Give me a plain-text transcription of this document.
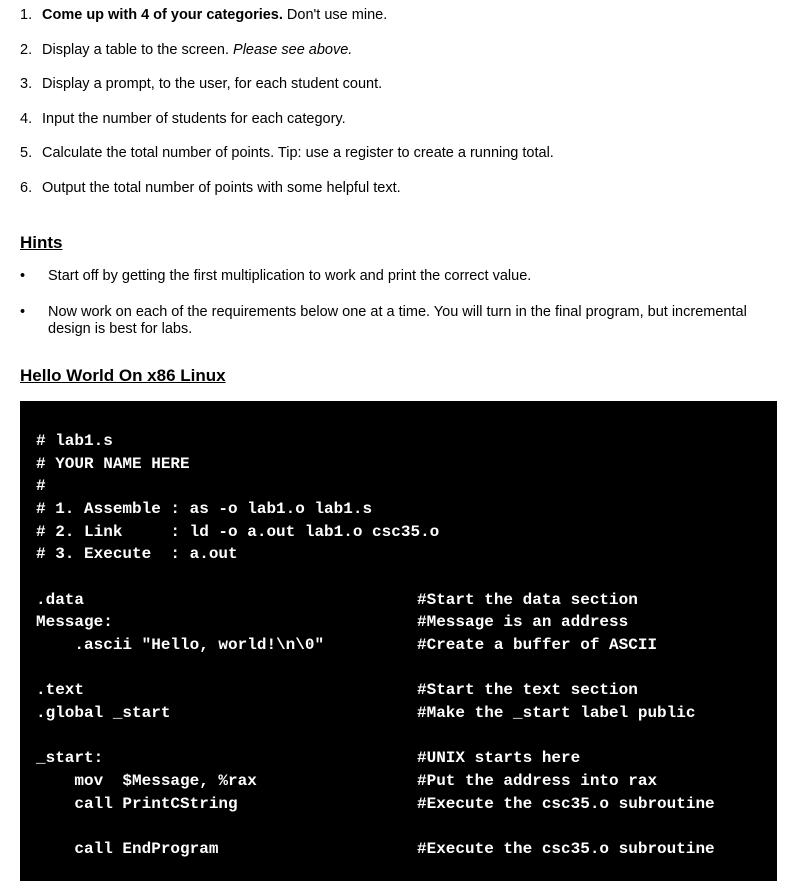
1. Come up with 4 of your categories. Don't use mine.
2. Display a table to the screen. Please see above.
3. Display a prompt, to the user, for each student count.
4. Input the number of students for each category.
5. Calculate the total number of points. Tip: use a register to create a running total.
6. Output the total number of points with some helpful text.
Hints
• Start off by getting the first multiplication to work and print the correct value.
• Now work on each of the requirements below one at a time. You will turn in the final program, but incremental design is best for labs.
Hello World On x86 Linux
# lab1.s
# YOUR NAME HERE
#
# 1. Assemble : as -o lab1.o lab1.s
# 2. Link     : ld -o a.out lab1.o csc35.o
# 3. Execute  : a.out
.data	#Start the data section
Message:	#Message is an address
.ascii "Hello, world!\n\0"	#Create a buffer of ASCII
.text	#Start the text section
.global _start	#Make the _start label public
_start:	#UNIX starts here
mov  $Message, %rax	#Put the address into rax
call PrintCString	#Execute the csc35.o subroutine
call EndProgram	#Execute the csc35.o subroutine
